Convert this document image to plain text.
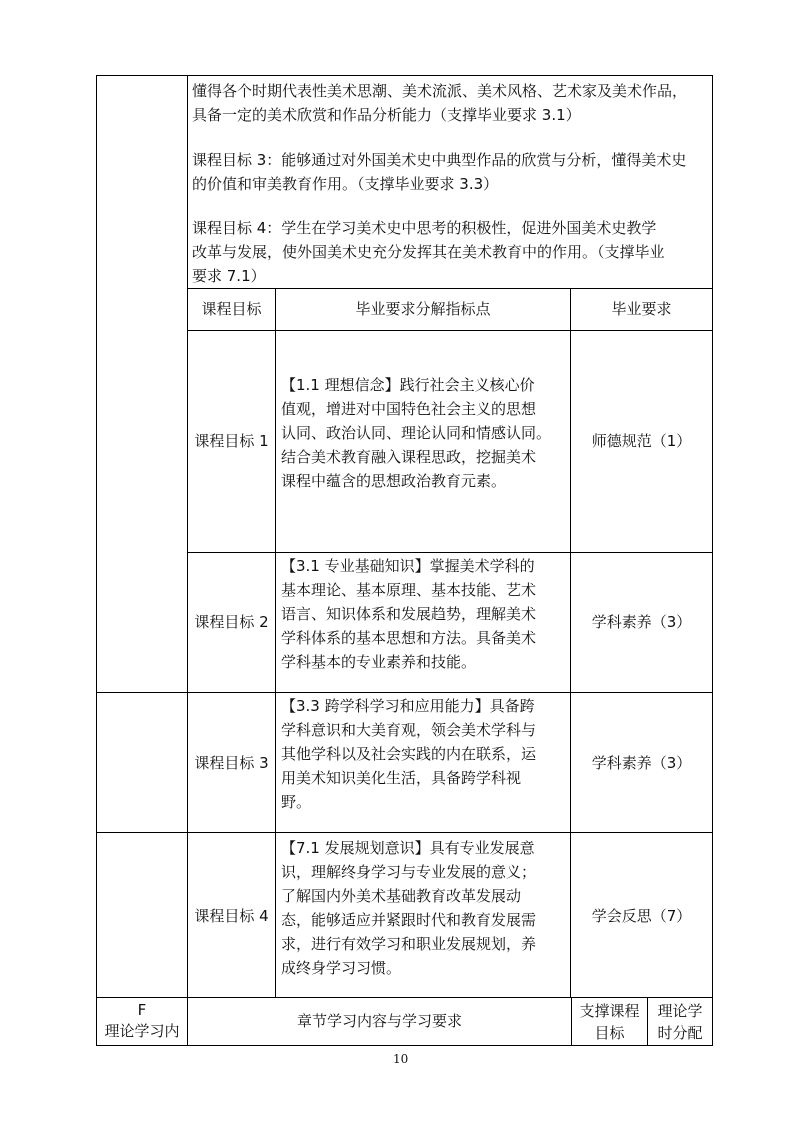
懂得各个时期代表性美术思潮、美术流派、美术风格、艺术家及美术作品，
具备一定的美术欣赏和作品分析能力（支撑毕业要求 3.1）
课程目标 3：能够通过对外国美术史中典型作品的欣赏与分析，懂得美术史
的价值和审美教育作用。（支撑毕业要求 3.3）
课程目标 4：学生在学习美术史中思考的积极性，促进外国美术史教学
改革与发展，使外国美术史充分发挥其在美术教育中的作用。（支撑毕业
要求 7.1）
课程目标	毕业要求分解指标点	毕业要求
课程目标 1
【1.1 理想信念】践行社会主义核心价
值观，增进对中国特色社会主义的思想
认同、政治认同、理论认同和情感认同。
结合美术教育融入课程思政，挖掘美术
课程中蕴含的思想政治教育元素。
师德规范（1）
课程目标 2
【3.1 专业基础知识】掌握美术学科的
基本理论、基本原理、基本技能、艺术
语言、知识体系和发展趋势，理解美术
学科体系的基本思想和方法。具备美术
学科基本的专业素养和技能。
学科素养（3）
课程目标 3
【3.3 跨学科学习和应用能力】具备跨
学科意识和大美育观，领会美术学科与
其他学科以及社会实践的内在联系，运
用美术知识美化生活，具备跨学科视
野。
学科素养（3）
课程目标 4
【7.1 发展规划意识】具有专业发展意
识，理解终身学习与专业发展的意义；
了解国内外美术基础教育改革发展动
态，能够适应并紧跟时代和教育发展需
求，进行有效学习和职业发展规划，养
成终身学习习惯。
学会反思（7）
F
理论学习内
章节学习内容与学习要求
支撑课程
目标
理论学
时分配
10
